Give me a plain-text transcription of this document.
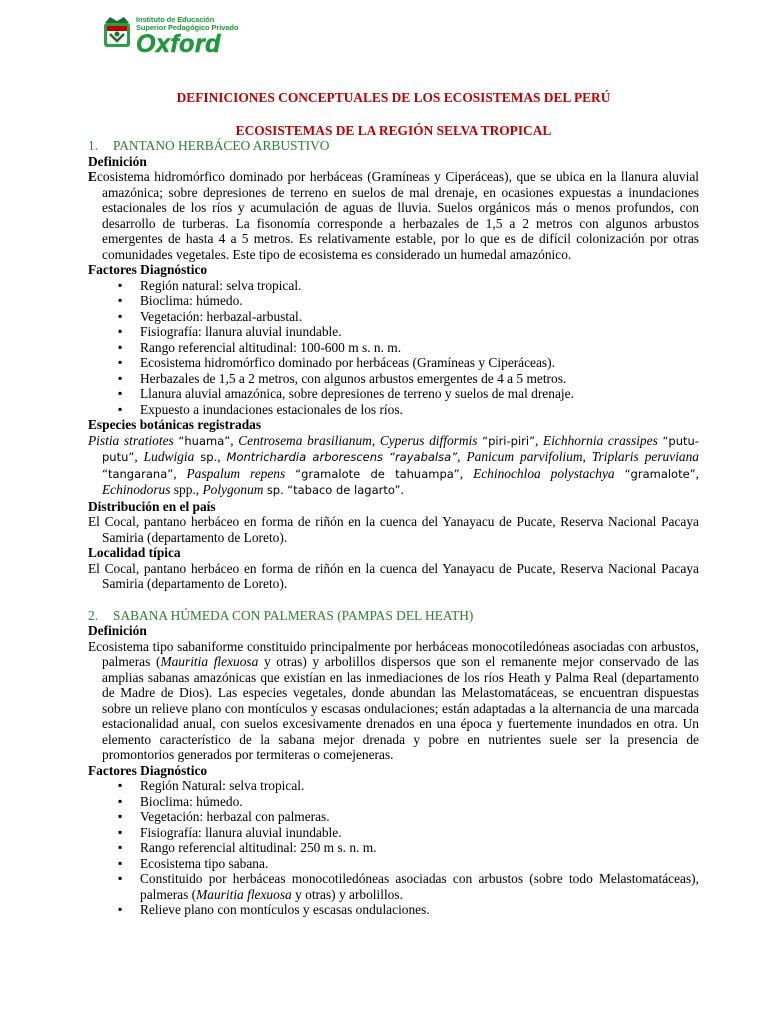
Instituto de Educación
Superior Pedagógico Privado
Oxford

DEFINICIONES CONCEPTUALES DE LOS ECOSISTEMAS DEL PERÚ

ECOSISTEMAS DE LA REGIÓN SELVA TROPICAL

1. PANTANO HERBÁCEO ARBUSTIVO

Definición

Ecosistema hidromórfico dominado por herbáceas (Gramíneas y Ciperáceas), que se ubica en la llanura aluvial amazónica; sobre depresiones de terreno en suelos de mal drenaje, en ocasiones expuestas a inundaciones estacionales de los ríos y acumulación de aguas de lluvia. Suelos orgánicos más o menos profundos, con desarrollo de turberas. La fisonomía corresponde a herbazales de 1,5 a 2 metros con algunos arbustos emergentes de hasta 4 a 5 metros. Es relativamente estable, por lo que es de difícil colonización por otras comunidades vegetales. Este tipo de ecosistema es considerado un humedal amazónico.

Factores Diagnóstico

▪ Región natural: selva tropical.
▪ Bioclima: húmedo.
▪ Vegetación: herbazal-arbustal.
▪ Fisiografía: llanura aluvial inundable.
▪ Rango referencial altitudinal: 100-600 m s. n. m.
▪ Ecosistema hidromórfico dominado por herbáceas (Gramíneas y Ciperáceas).
▪ Herbazales de 1,5 a 2 metros, con algunos arbustos emergentes de 4 a 5 metros.
▪ Llanura aluvial amazónica, sobre depresiones de terreno y suelos de mal drenaje.
▪ Expuesto a inundaciones estacionales de los ríos.

Especies botánicas registradas

Pistia stratiotes “huama”, Centrosema brasilianum, Cyperus difformis “piri-piri”, Eichhornia crassipes “putu-putu”, Ludwigia sp., Montrichardia arborescens “rayabalsa”, Panicum parvifolium, Triplaris peruviana “tangarana”, Paspalum repens “gramalote de tahuampa”, Echinochloa polystachya “gramalote”, Echinodorus spp., Polygonum sp. “tabaco de lagarto”.

Distribución en el país

El Cocal, pantano herbáceo en forma de riñón en la cuenca del Yanayacu de Pucate, Reserva Nacional Pacaya Samiria (departamento de Loreto).

Localidad típica

El Cocal, pantano herbáceo en forma de riñón en la cuenca del Yanayacu de Pucate, Reserva Nacional Pacaya Samiria (departamento de Loreto).

2. SABANA HÚMEDA CON PALMERAS (PAMPAS DEL HEATH)

Definición

Ecosistema tipo sabaniforme constituido principalmente por herbáceas monocotiledóneas asociadas con arbustos, palmeras (Mauritia flexuosa y otras) y arbolillos dispersos que son el remanente mejor conservado de las amplias sabanas amazónicas que existían en las inmediaciones de los ríos Heath y Palma Real (departamento de Madre de Dios). Las especies vegetales, donde abundan las Melastomatáceas, se encuentran dispuestas sobre un relieve plano con montículos y escasas ondulaciones; están adaptadas a la alternancia de una marcada estacionalidad anual, con suelos excesivamente drenados en una época y fuertemente inundados en otra. Un elemento característico de la sabana mejor drenada y pobre en nutrientes suele ser la presencia de promontorios generados por termiteras o comejeneras.

Factores Diagnóstico

▪ Región Natural: selva tropical.
▪ Bioclima: húmedo.
▪ Vegetación: herbazal con palmeras.
▪ Fisiografía: llanura aluvial inundable.
▪ Rango referencial altitudinal: 250 m s. n. m.
▪ Ecosistema tipo sabana.
▪ Constituido por herbáceas monocotiledóneas asociadas con arbustos (sobre todo Melastomatáceas), palmeras (Mauritia flexuosa y otras) y arbolillos.
▪ Relieve plano con montículos y escasas ondulaciones.
